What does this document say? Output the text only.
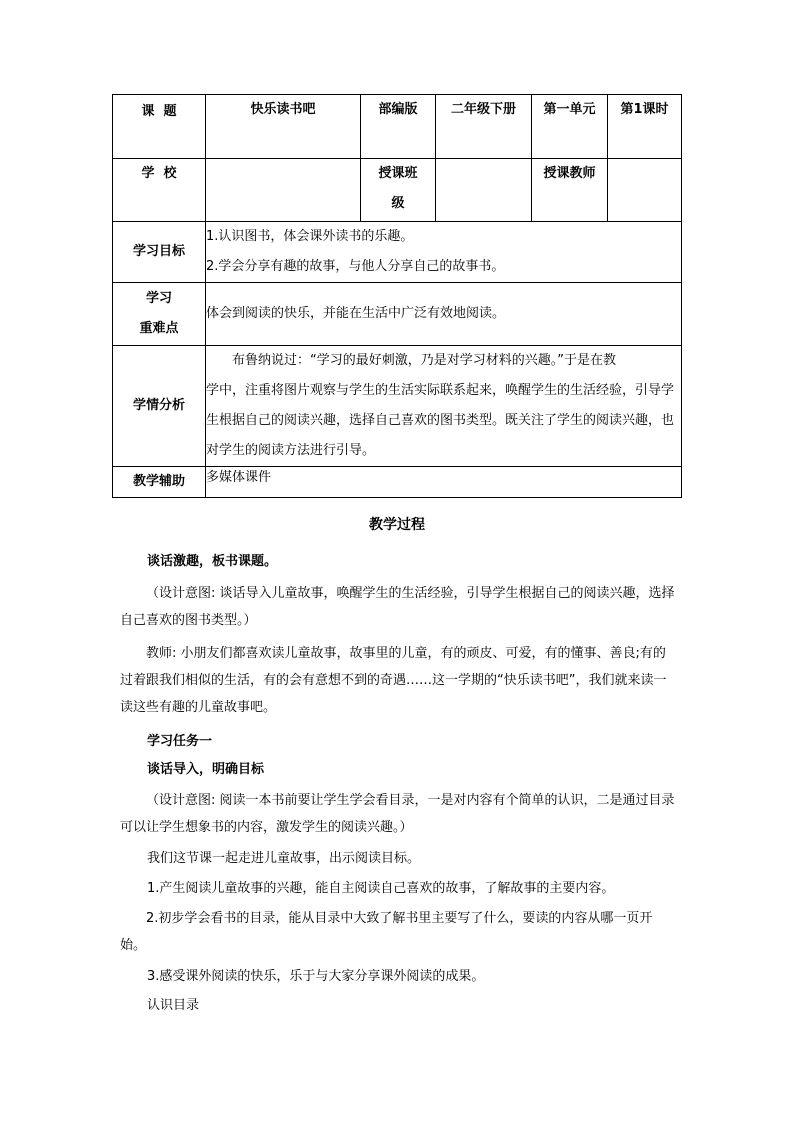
课  题	快乐读书吧	部编版	二年级下册	第一单元	第1课时
学  校		授课班级		授课教师	
学习目标	1.认识图书，体会课外读书的乐趣。
2.学会分享有趣的故事，与他人分享自己的故事书。				

学习
重难点	体会到阅读的快乐，并能在生活中广泛有效地阅读。				
学情分析	布鲁纳说过：“学习的最好刺激，乃是对学习材料的兴趣。”于是在教
学中，注重将图片观察与学生的生活实际联系起来，唤醒学生的生活经验，引导学生根据自己的阅读兴趣，选择自己喜欢的图书类型。既关注了学生的阅读兴趣，也对学生的阅读方法进行引导。				

教学辅助	多媒体课件				
教学过程
谈话激趣，板书课题。
（设计意图: 谈话导入儿童故事，唤醒学生的生活经验，引导学生根据自己的阅读兴趣，选择自己喜欢的图书类型。）
教师: 小朋友们都喜欢读儿童故事，故事里的儿童，有的顽皮、可爱，有的懂事、善良;有的过着跟我们相似的生活，有的会有意想不到的奇遇……这一学期的“快乐读书吧”，我们就来读一读这些有趣的儿童故事吧。
学习任务一
谈话导入，明确目标
（设计意图: 阅读一本书前要让学生学会看目录，一是对内容有个简单的认识，二是通过目录可以让学生想象书的内容，激发学生的阅读兴趣。）
我们这节课一起走进儿童故事，出示阅读目标。
1.产生阅读儿童故事的兴趣，能自主阅读自己喜欢的故事，了解故事的主要内容。
2.初步学会看书的目录，能从目录中大致了解书里主要写了什么，要读的内容从哪一页开始。
3.感受课外阅读的快乐，乐于与大家分享课外阅读的成果。
认识目录
